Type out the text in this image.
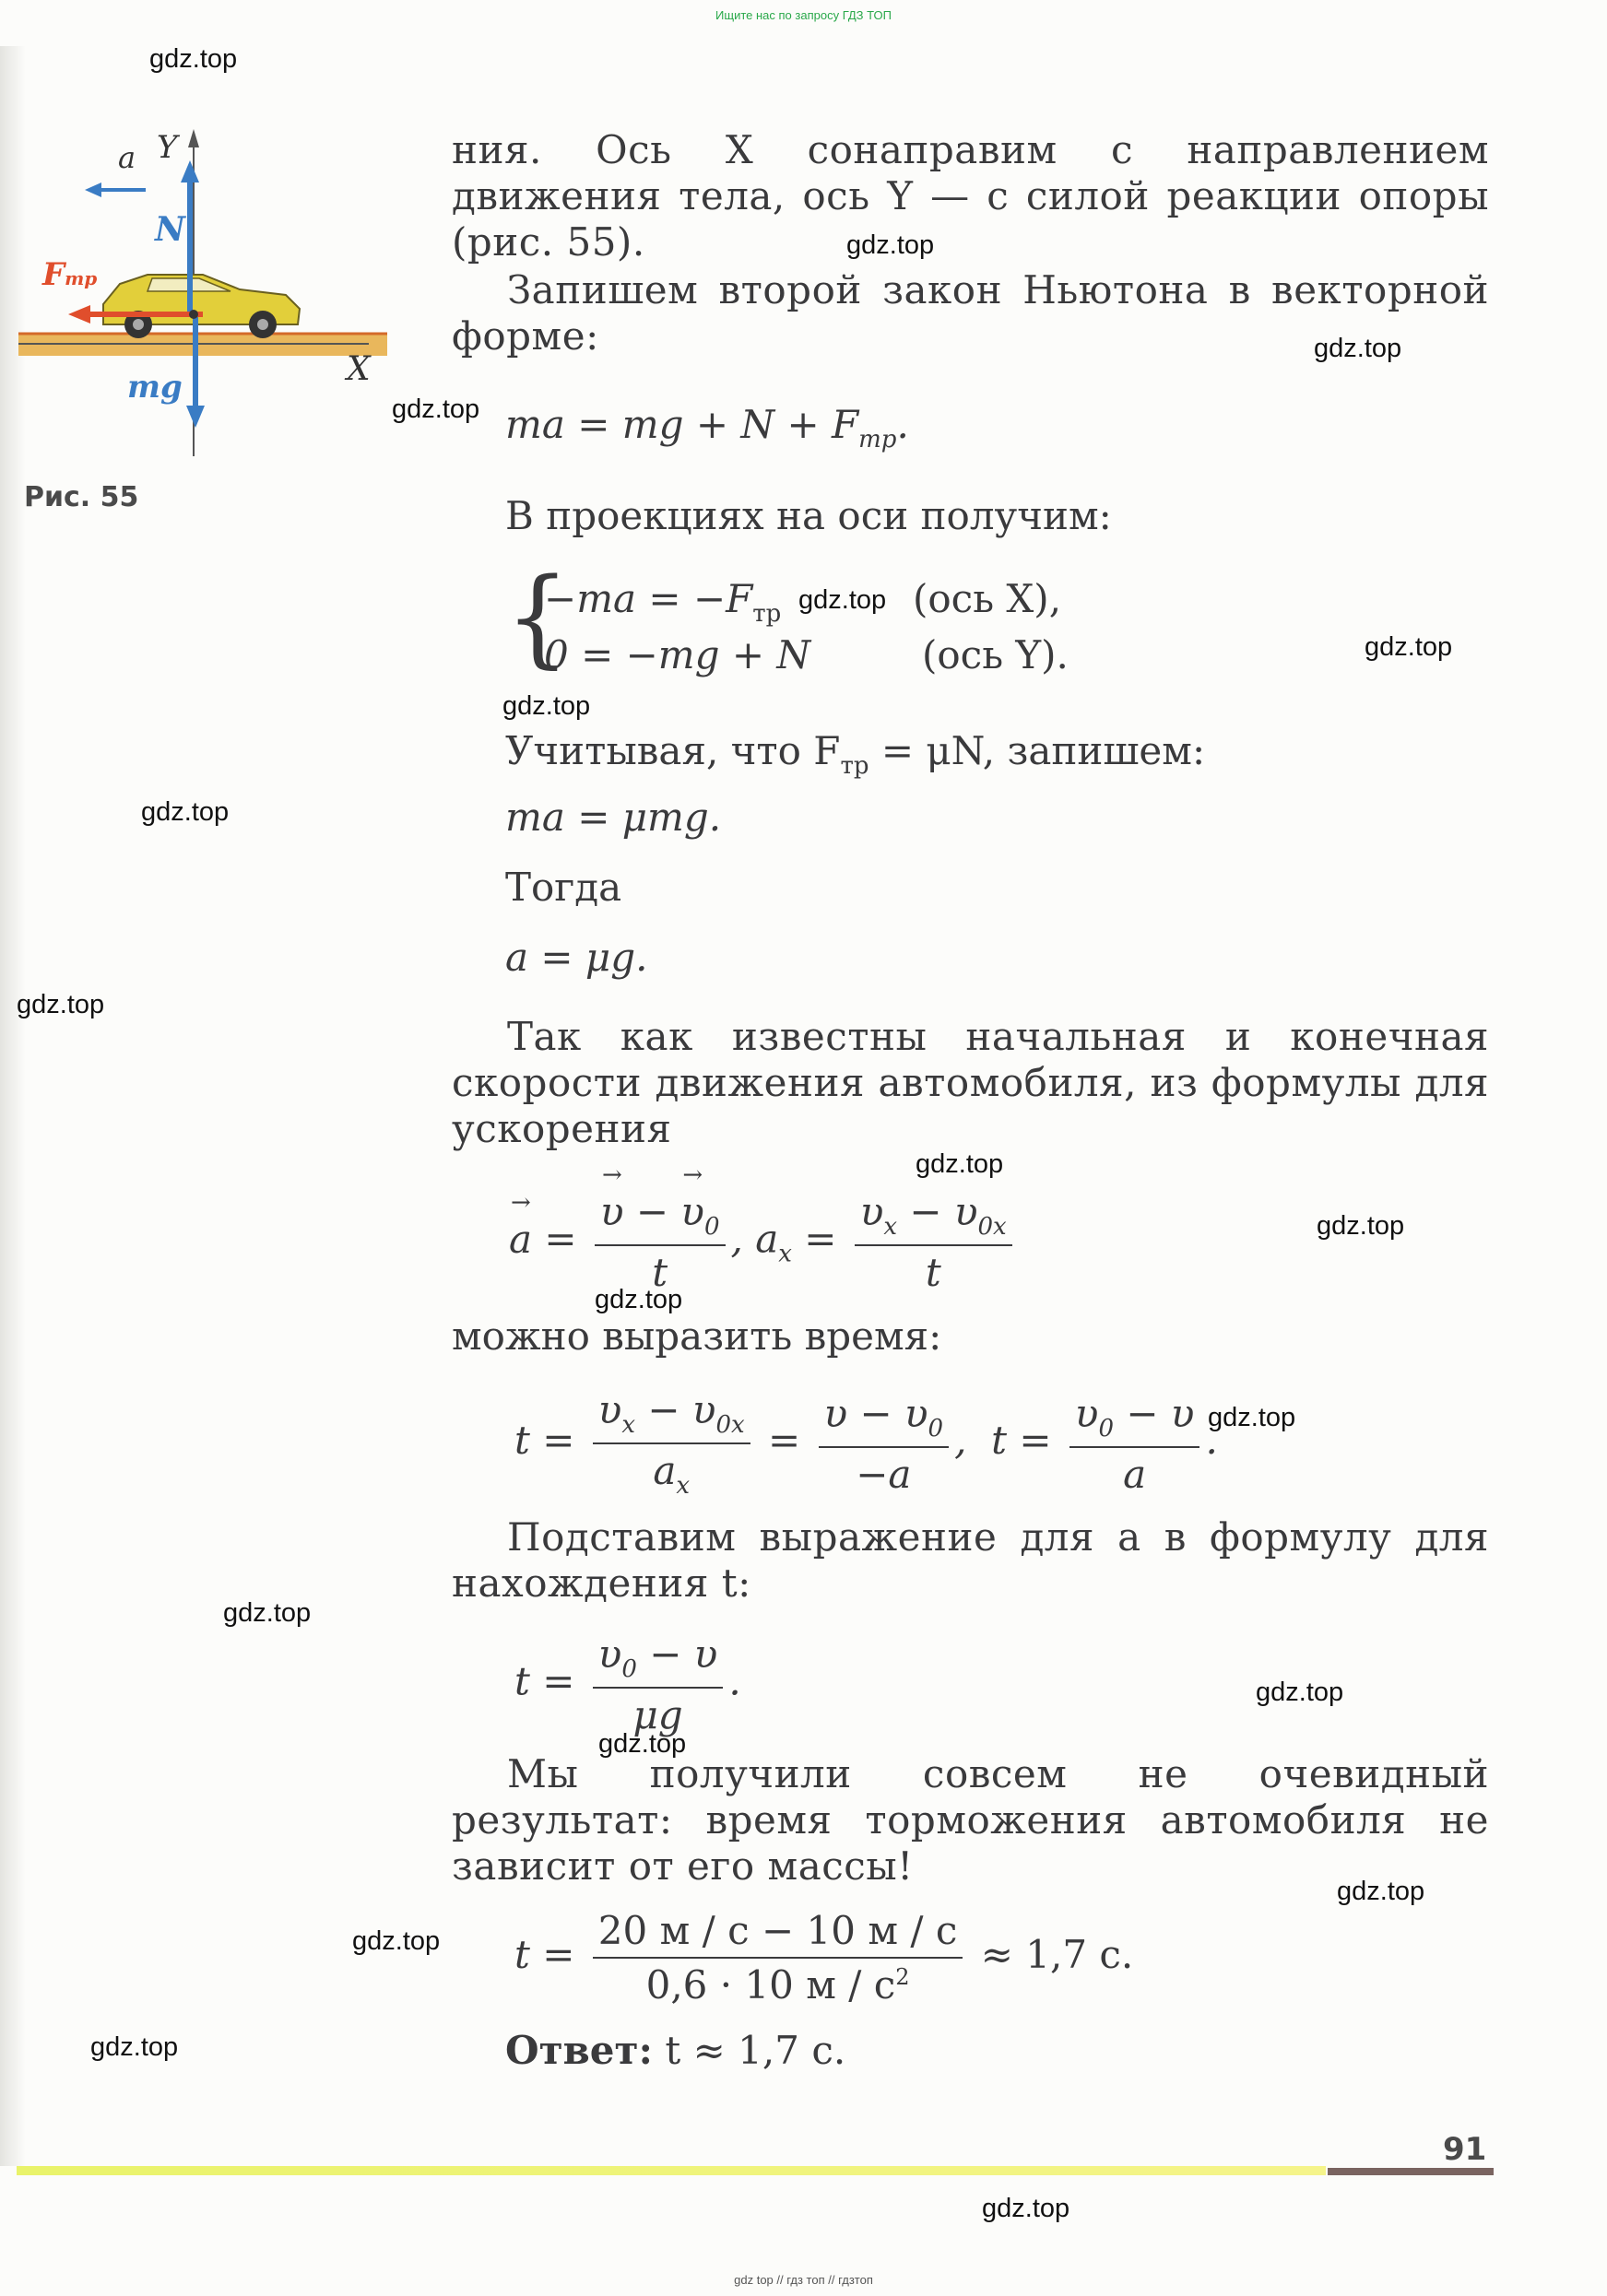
Ищите нас по запросу ГДЗ ТОП
a Y
N
Fтр
X
mg
Рис. 55
ния. Ось X сонаправим с направлением движения тела, ось Y — с силой реакции опоры (рис. 55).
Запишем второй закон Ньютона в векторной форме:
ma = mg + $N + F_{тр}$.
В проекциях на оси получим:
{
$-ma = -F_{тр}$	(ось X),
0 = −mg + N	(ось Y).
Учитывая, что $F_{тр} = \mu N$, запишем:
ma = μmg.
Тогда
a = μg.
Так как известны начальная и конечная скорости движения автомобиля, из формулы для ускорения
→ a =
→ $\frac{\upsilon - \to \upsilon_0}{t}$ , $a_x = \frac{\upsilon_x - \upsilon_{0x}}{t}$
можно выразить время:
$t = \frac{\upsilon_x - \upsilon_{0x}}{a_x} = \frac{\upsilon - \upsilon_0}{-a}$ ,  $t = \frac{\upsilon_0 - \upsilon}{a}$ .
Подставим выражение для a в формулу для нахождения t:
$t = \frac{\upsilon_0 - \upsilon}{\mu g}$ .
Мы получили совсем не очевидный результат: время торможения автомобиля не зависит от его массы!
$t = \frac{20 м / с - 10 м / с}{0,6 \cdot 10 м / с^2} \approx 1,7$ с.
Ответ: t ≈ 1,7 с.
91
gdz.top
gdz.top
gdz.top
gdz.top
gdz.top
gdz.top
gdz.top
gdz.top
gdz.top
gdz.top
gdz.top
gdz.top
gdz.top
gdz.top
gdz.top
gdz.top
gdz.top
gdz.top
gdz.top
gdz.top
gdz top // гдз топ // гдзтоп
